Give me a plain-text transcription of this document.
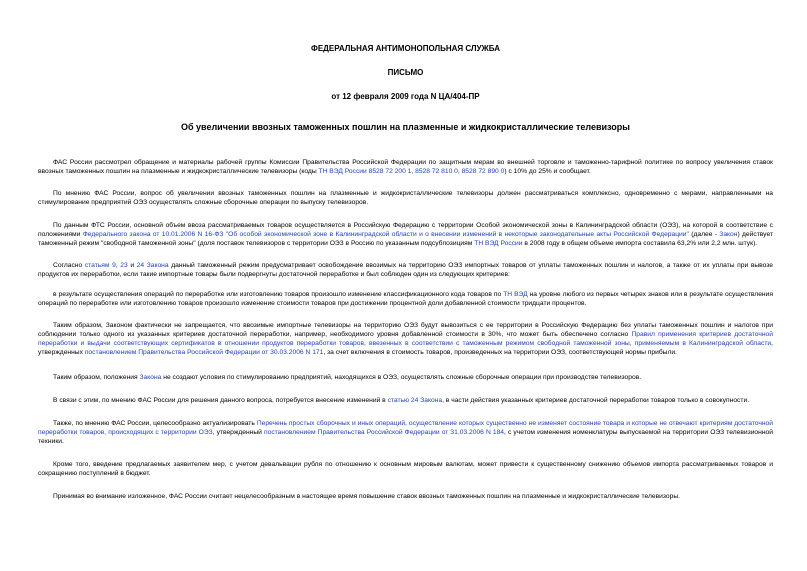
ФЕДЕРАЛЬНАЯ АНТИМОНОПОЛЬНАЯ СЛУЖБА
ПИСЬМО
от 12 февраля 2009 года N ЦА/404-ПР
Об увеличении ввозных таможенных пошлин на плазменные и жидкокристаллические телевизоры

ФАС России рассмотрел обращение и материалы рабочей группы Комиссии Правительства Российской Федерации по защитным мерам во внешней торговле и таможенно-тарифной политике по вопросу увеличения ставок ввозных таможенных пошлин на плазменные и жидкокристаллические телевизоры (коды ТН ВЭД России 8528 72 200 1, 8528 72 810 0, 8528 72 890 0) с 10% до 25% и сообщает.

По мнению ФАС России, вопрос об увеличении ввозных таможенных пошлин на плазменные и жидкокристаллические телевизоры должен рассматриваться комплексно, одновременно с мерами, направленными на стимулирование предприятий ОЭЗ осуществлять сложные сборочные операции по выпуску телевизоров.

По данным ФТС России, основной объем ввоза рассматриваемых товаров осуществляется в Российскую Федерацию с территории Особой экономической зоны в Калининградской области (ОЭЗ), на которой в соответствие с положениями Федерального закона от 10.01.2006 N 16-ФЗ "Об особой экономической зоне в Калининградской области и о внесении изменений в некоторые законодательные акты Российской Федерации" (далее - Закон) действует таможенный режим "свободной таможенной зоны" (доля поставок телевизоров с территории ОЭЗ в Россию по указанным подсубпозициям ТН ВЭД России в 2008 году в общем объеме импорта составила 63,2% или 2,2 млн. штук).

Согласно статьям 9, 23 и 24 Закона данный таможенный режим предусматривает освобождение ввозимых на территорию ОЭЗ импортных товаров от уплаты таможенных пошлин и налогов, а также от их уплаты при вывозе продуктов их переработки, если такие импортные товары были подвергнуты достаточной переработке и был соблюден один из следующих критериев:

в результате осуществления операций по переработке или изготовлению товаров произошло изменение классификационного кода товаров по ТН ВЭД на уровне любого из первых четырех знаков или в результате осуществления операций по переработке или изготовлению товаров произошло изменение стоимости товаров при достижении процентной доли добавленной стоимости тридцати процентов.

Таким образом, Законом фактически не запрещается, что ввозимые импортные телевизоры на территорию ОЭЗ будут вывозиться с ее территории в Российскую Федерацию без уплаты таможенных пошлин и налогов при соблюдении только одного из указанных критериев достаточной переработки, например, необходимого уровня добавленной стоимости в 30%, что может быть обеспечено согласно Правил применения критериев достаточной переработки и выдачи соответствующих сертификатов в отношении продуктов переработки товаров, ввезенных в соответствии с таможенным режимом свободной таможенной зоны, применяемым в Калининградской области, утвержденных постановлением Правительства Российской Федерации от 30.03.2006 N 171, за счет включения в стоимость товаров, произведенных на территории ОЭЗ, соответствующей нормы прибыли.

Таким образом, положения Закона не создают условия по стимулированию предприятий, находящихся в ОЭЗ, осуществлять сложные сборочные операции при производстве телевизоров.

В связи с этим, по мнению ФАС России для решения данного вопроса, потребуется внесение изменений в статью 24 Закона, в части действия указанных критериев достаточной переработки товаров только в совокупности.

Также, по мнению ФАС России, целесообразно актуализировать Перечень простых сборочных и иных операций, осуществление которых существенно не изменяет состояние товара и которые не отвечают критериям достаточной переработки товаров, происходящих с территории ОЭЗ, утвержденный постановлением Правительства Российской Федерации от 31.03.2006 N 184, с учетом изменения номенклатуры выпускаемой на территории ОЭЗ телевизионной техники.

Кроме того, введение предлагаемых заявителем мер, с учетом девальвации рубля по отношению к основным мировым валютам, может привести к существенному снижению объемов импорта рассматриваемых товаров и сокращению поступлений в бюджет.

Принимая во внимание изложенное, ФАС России считает нецелесообразным в настоящее время повышение ставок ввозных таможенных пошлин на плазменные и жидкокристаллические телевизоры.
